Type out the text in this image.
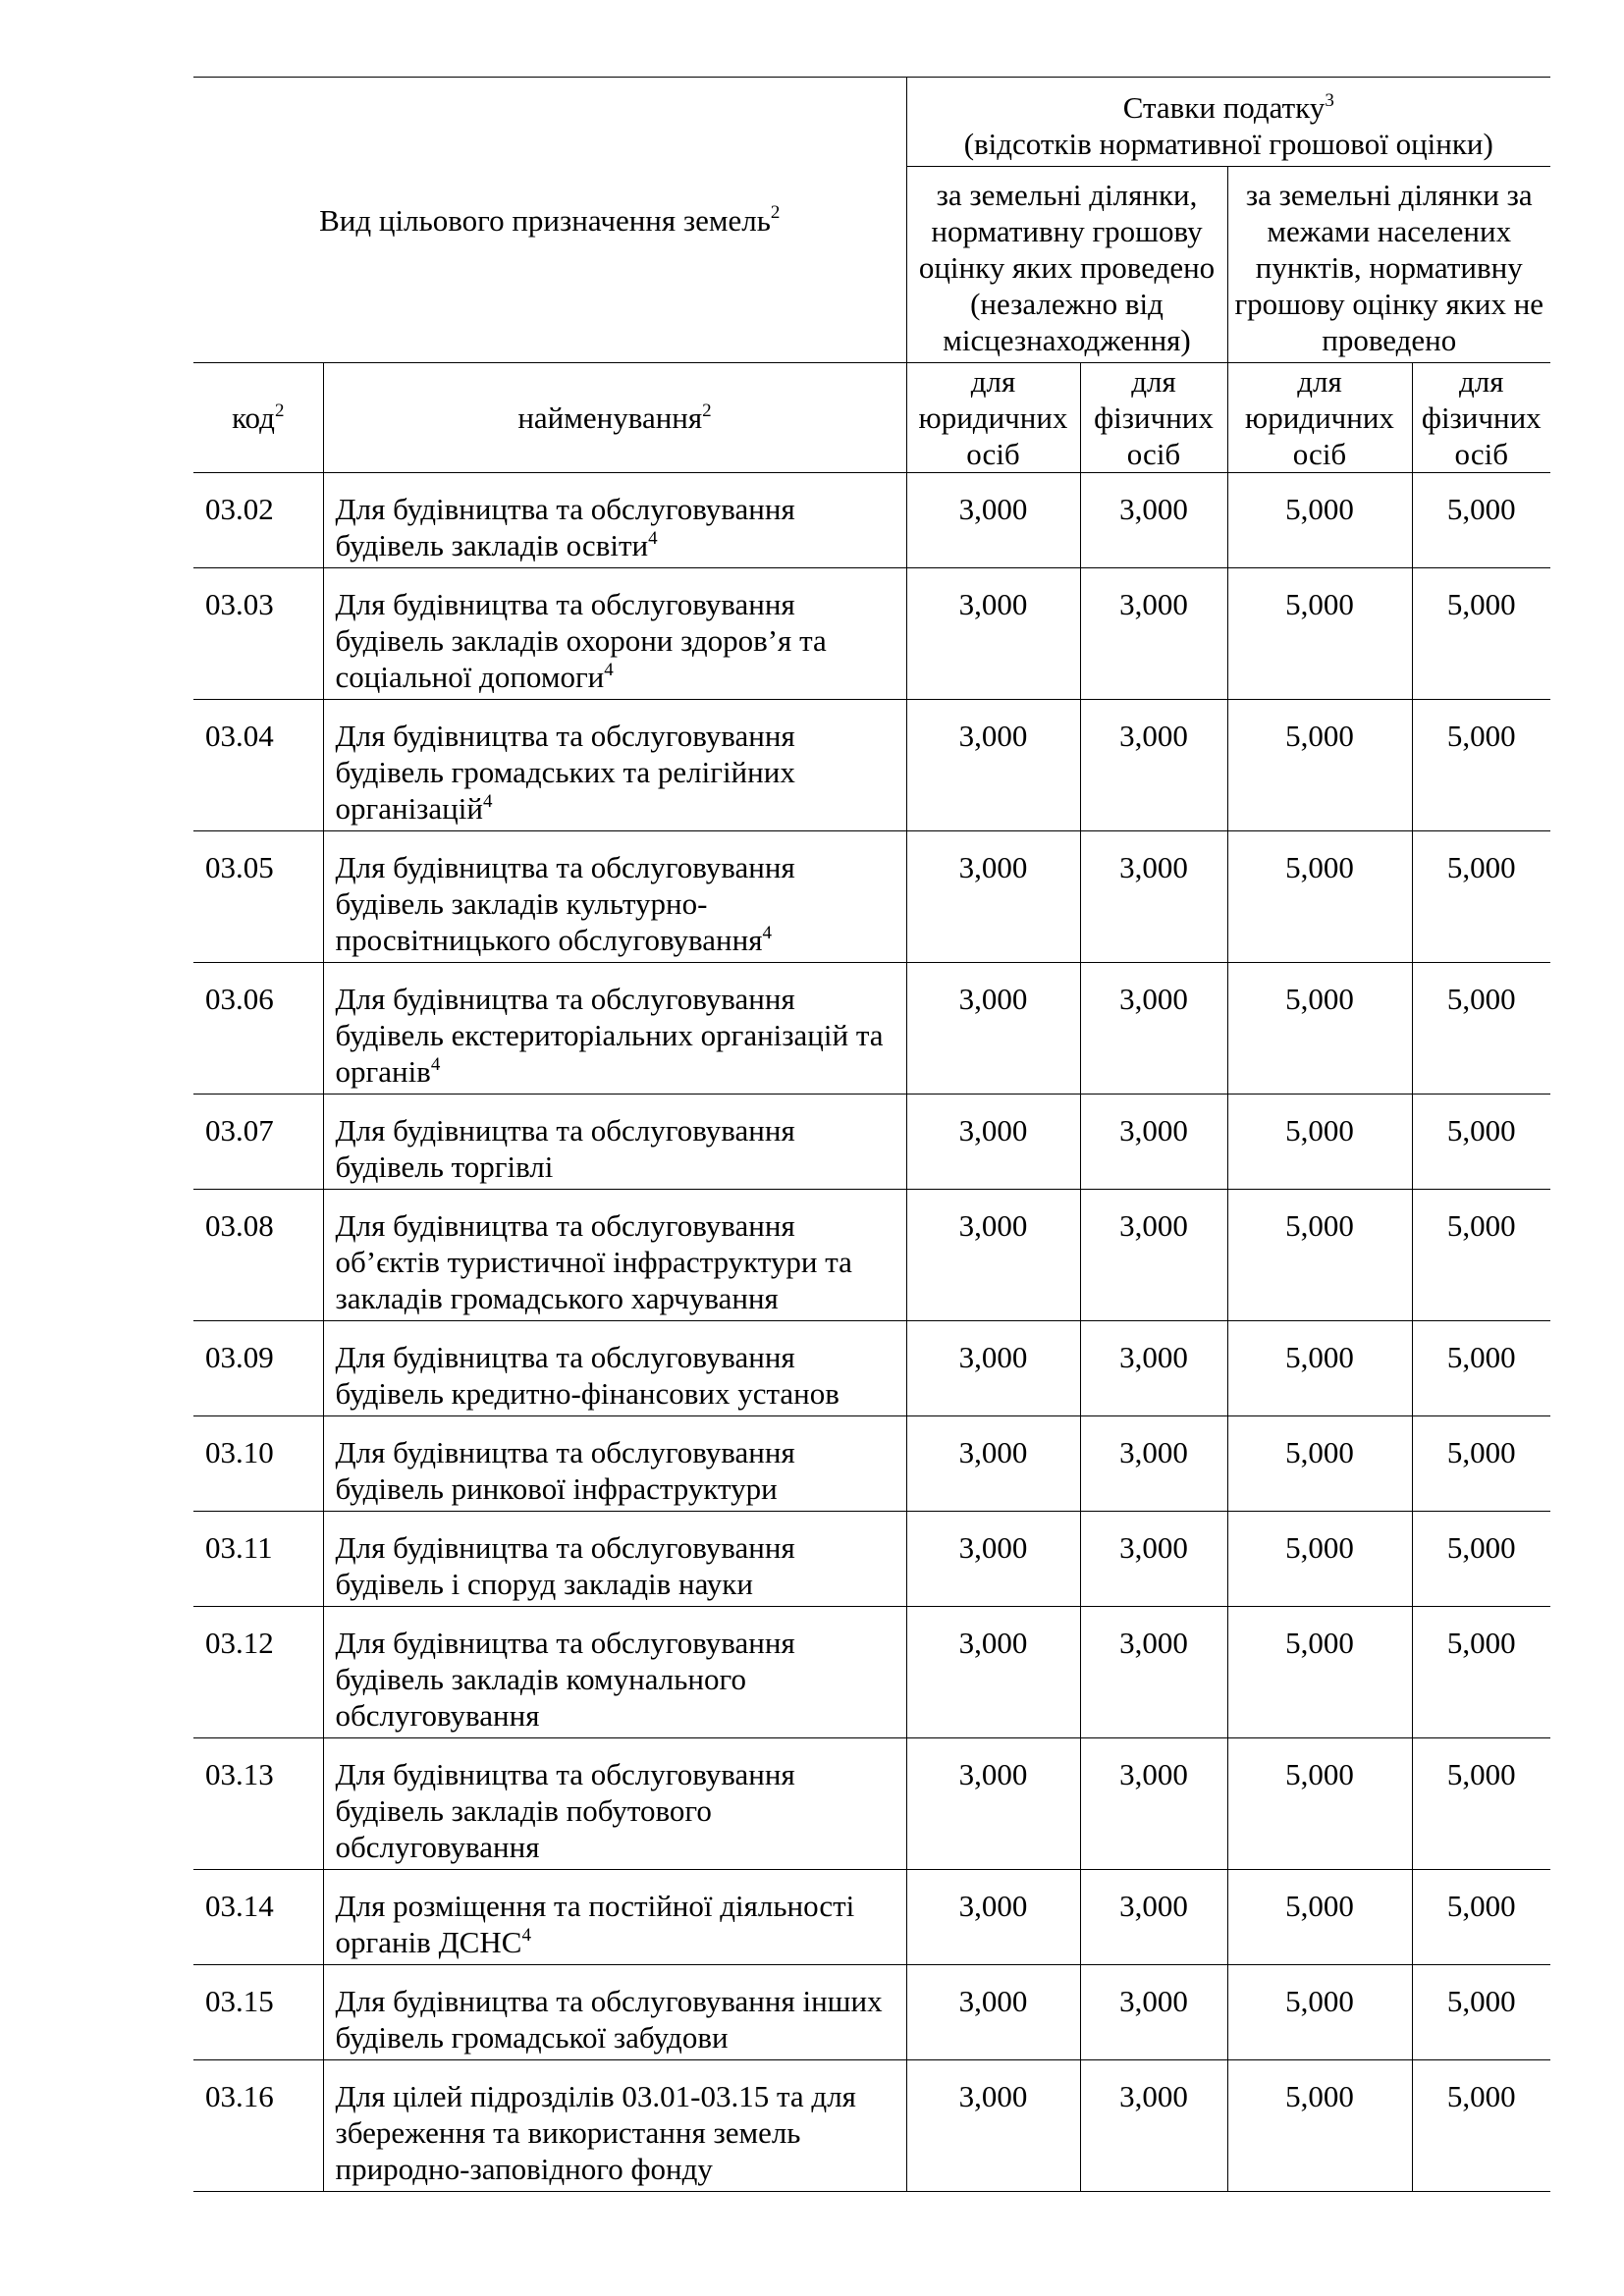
Вид цільового призначення земель$^2$		Ставки податку$^3$
(відсотків нормативної грошової оцінки)			
		за земельні ділянки, нормативну грошову оцінку яких проведено (незалежно від місцезнаходження)		за земельні ділянки за межами населених пунктів, нормативну грошову оцінку яких не проведено	
код$^2$	найменування$^2$	для юридичних осіб	для фізичних осіб	для юридичних осіб	для фізичних осіб
03.02	Для будівництва та обслуговування будівель закладів освіти$^4$	3,000	3,000	5,000	5,000
03.03	Для будівництва та обслуговування будівель закладів охорони здоров’я та соціальної допомоги$^4$	3,000	3,000	5,000	5,000
03.04	Для будівництва та обслуговування будівель громадських та релігійних організацій$^4$	3,000	3,000	5,000	5,000
03.05	Для будівництва та обслуговування будівель закладів культурно-просвітницького обслуговування$^4$	3,000	3,000	5,000	5,000
03.06	Для будівництва та обслуговування будівель екстериторіальних організацій та органів$^4$	3,000	3,000	5,000	5,000
03.07	Для будівництва та обслуговування будівель торгівлі	3,000	3,000	5,000	5,000
03.08	Для будівництва та обслуговування об’єктів туристичної інфраструктури та закладів громадського харчування	3,000	3,000	5,000	5,000
03.09	Для будівництва та обслуговування будівель кредитно-фінансових установ	3,000	3,000	5,000	5,000
03.10	Для будівництва та обслуговування будівель ринкової інфраструктури	3,000	3,000	5,000	5,000
03.11	Для будівництва та обслуговування будівель і споруд закладів науки	3,000	3,000	5,000	5,000
03.12	Для будівництва та обслуговування будівель закладів комунального обслуговування	3,000	3,000	5,000	5,000
03.13	Для будівництва та обслуговування будівель закладів побутового обслуговування	3,000	3,000	5,000	5,000
03.14	Для розміщення та постійної діяльності органів ДСНС$^4$	3,000	3,000	5,000	5,000
03.15	Для будівництва та обслуговування інших будівель громадської забудови	3,000	3,000	5,000	5,000
03.16	Для цілей підрозділів 03.01-03.15 та для збереження та використання земель природно-заповідного фонду	3,000	3,000	5,000	5,000
